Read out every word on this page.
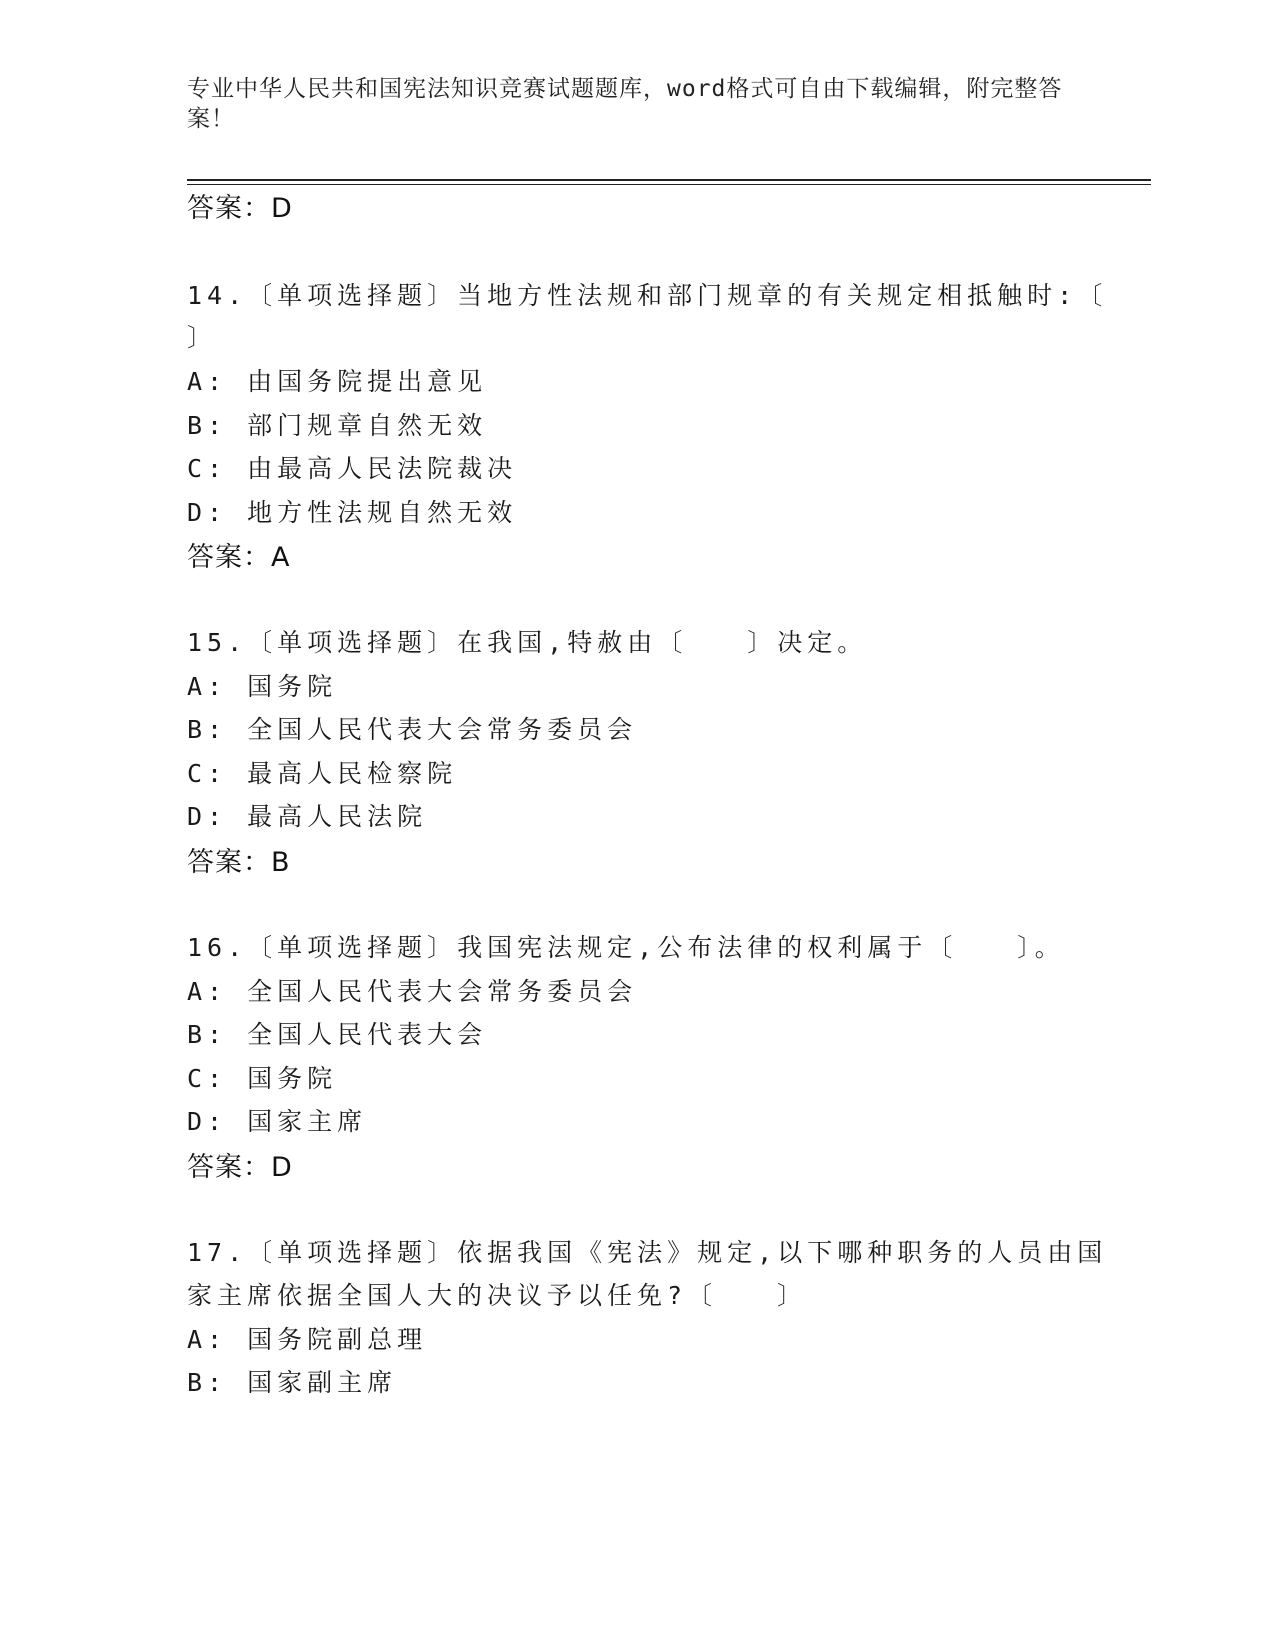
专业中华人民共和国宪法知识竞赛试题题库，word格式可自由下载编辑，附完整答案！
答案：D
14.〔单项选择题〕当地方性法规和部门规章的有关规定相抵触时:〔
〕
A: 由国务院提出意见
B: 部门规章自然无效
C: 由最高人民法院裁决
D: 地方性法规自然无效
答案：A
15.〔单项选择题〕在我国,特赦由〔　　〕决定。
A: 国务院
B: 全国人民代表大会常务委员会
C: 最高人民检察院
D: 最高人民法院
答案：B
16.〔单项选择题〕我国宪法规定,公布法律的权利属于〔　　〕。
A: 全国人民代表大会常务委员会
B: 全国人民代表大会
C: 国务院
D: 国家主席
答案：D
17.〔单项选择题〕依据我国《宪法》规定,以下哪种职务的人员由国
家主席依据全国人大的决议予以任免?〔　　〕
A: 国务院副总理
B: 国家副主席
